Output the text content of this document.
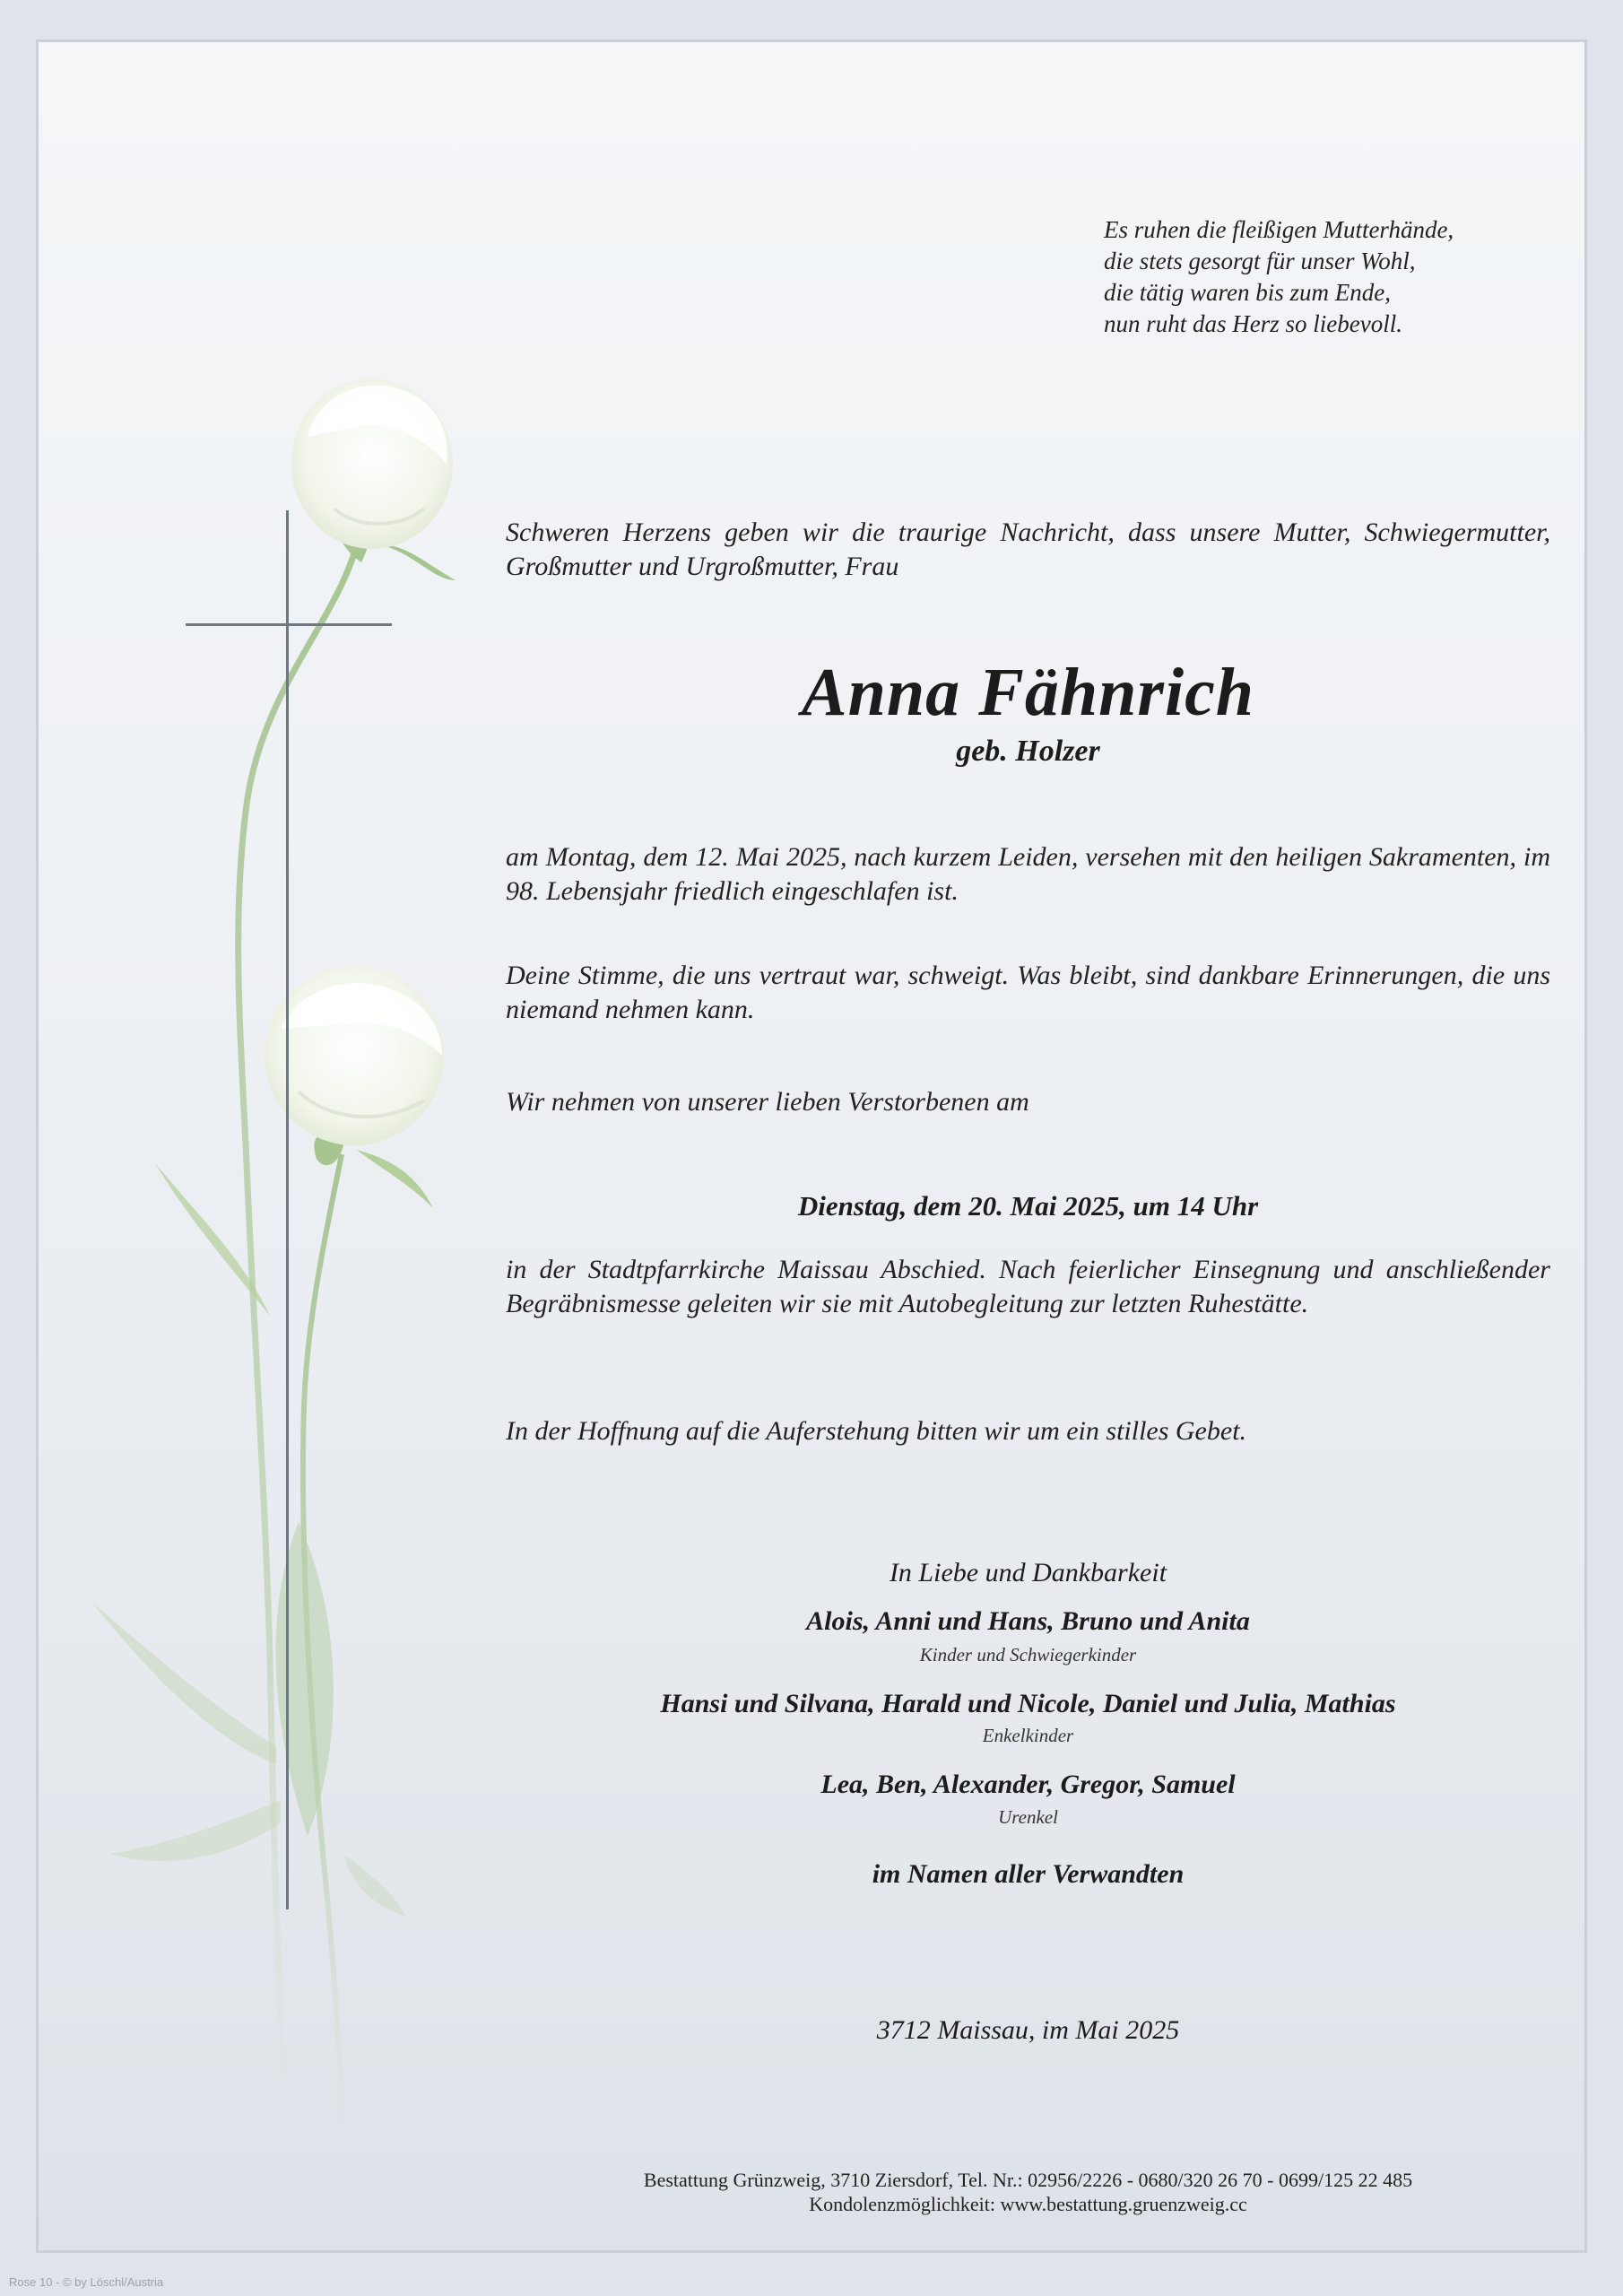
Es ruhen die fleißigen Mutterhände,
die stets gesorgt für unser Wohl,
die tätig waren bis zum Ende,
nun ruht das Herz so liebevoll.
Schweren Herzens geben wir die traurige Nachricht, dass unsere Mutter, Schwiegermutter, Großmutter und Urgroßmutter, Frau
Anna Fähnrich
geb. Holzer
am Montag, dem 12. Mai 2025, nach kurzem Leiden, versehen mit den heiligen Sakramenten, im 98. Lebensjahr friedlich eingeschlafen ist.
Deine Stimme, die uns vertraut war, schweigt. Was bleibt, sind dankbare Erinnerungen, die uns niemand nehmen kann.
Wir nehmen von unserer lieben Verstorbenen am
Dienstag, dem 20. Mai 2025, um 14 Uhr
in der Stadtpfarrkirche Maissau Abschied. Nach feierlicher Einsegnung und anschließender Begräbnismesse geleiten wir sie mit Autobegleitung zur letzten Ruhestätte.
In der Hoffnung auf die Auferstehung bitten wir um ein stilles Gebet.
In Liebe und Dankbarkeit
Alois, Anni und Hans, Bruno und Anita
Kinder und Schwiegerkinder
Hansi und Silvana, Harald und Nicole, Daniel und Julia, Mathias
Enkelkinder
Lea, Ben, Alexander, Gregor, Samuel
Urenkel
im Namen aller Verwandten
3712 Maissau, im Mai 2025
Bestattung Grünzweig, 3710 Ziersdorf, Tel. Nr.: 02956/2226 - 0680/320 26 70 - 0699/125 22 485
Kondolenzmöglichkeit: www.bestattung.gruenzweig.cc
Rose 10 - © by Löschl/Austria
